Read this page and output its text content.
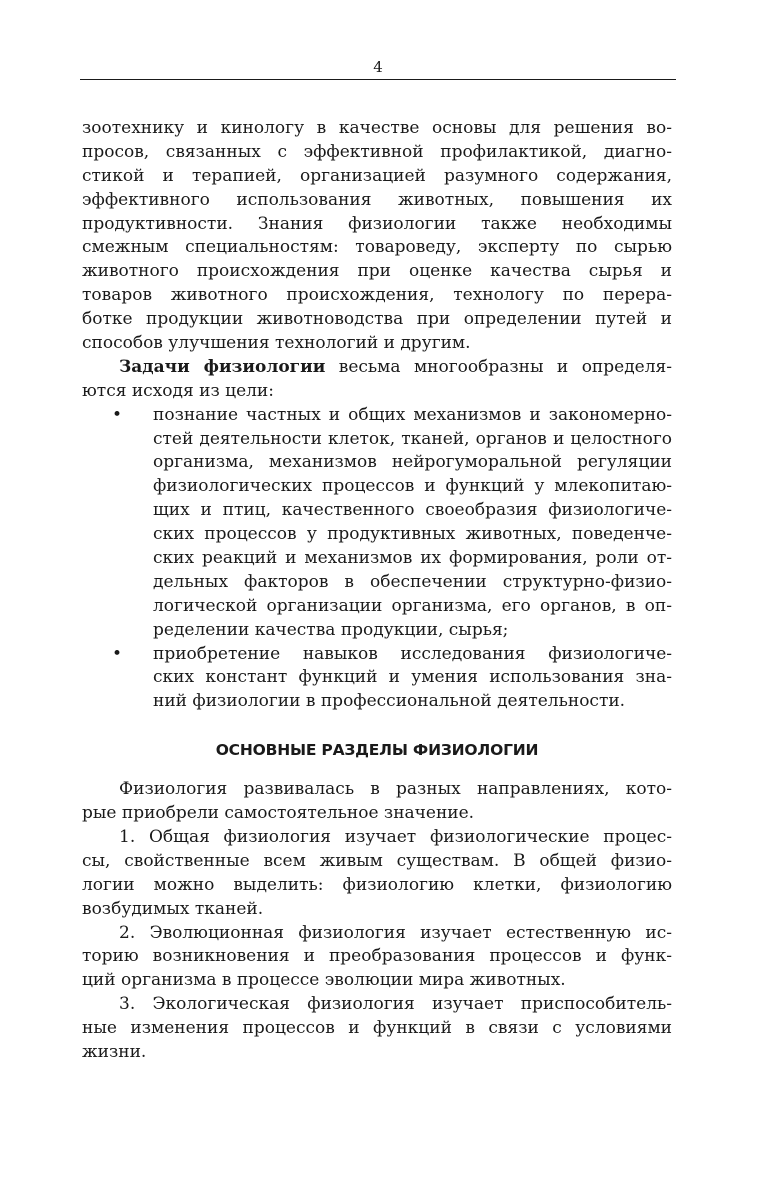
4
зоотехнику и кинологу в качестве основы для решения во-
просов, связанных с эффективной профилактикой, диагно-
стикой и терапией, организацией разумного содержания,
эффективного использования животных, повышения их
продуктивности. Знания физиологии также необходимы
смежным специальностям: товароведу, эксперту по сырью
животного происхождения при оценке качества сырья и
товаров животного происхождения, технологу по перера-
ботке продукции животноводства при определении путей и
способов улучшения технологий и другим.
Задачи физиологии весьма многообразны и определя-
ются исходя из цели:
• познание частных и общих механизмов и закономерно-
стей деятельности клеток, тканей, органов и целостного
организма, механизмов нейрогуморальной регуляции
физиологических процессов и функций у млекопитаю-
щих и птиц, качественного своеобразия физиологиче-
ских процессов у продуктивных животных, поведенче-
ских реакций и механизмов их формирования, роли от-
дельных факторов в обеспечении структурно-физио-
логической организации организма, его органов, в оп-
ределении качества продукции, сырья;
• приобретение навыков исследования физиологиче-
ских констант функций и умения использования зна-
ний физиологии в профессиональной деятельности.
ОСНОВНЫЕ РАЗДЕЛЫ ФИЗИОЛОГИИ
Физиология развивалась в разных направлениях, кото-
рые приобрели самостоятельное значение.
1. Общая физиология изучает физиологические процес-
сы, свойственные всем живым существам. В общей физио-
логии можно выделить: физиологию клетки, физиологию
возбудимых тканей.
2. Эволюционная физиология изучает естественную ис-
торию возникновения и преобразования процессов и функ-
ций организма в процессе эволюции мира животных.
3. Экологическая физиология изучает приспособитель-
ные изменения процессов и функций в связи с условиями
жизни.
